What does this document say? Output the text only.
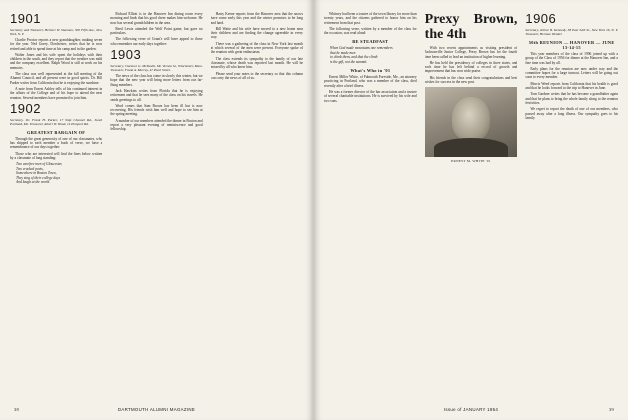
1901

Secretary and Treasurer, Herbert W. Shannon, 500 Fifth Ave., New York, N. Y.

Charlie Proctor reports a new granddaughter, making seven for the year. Ned Gorey, Dorchester, writes that he is now retired and able to spend time at his camp and in the garden.

Walter Jones and his wife spent the holidays with their children in the south, and they report that the weather was mild and the company excellent. Ralph Wood is still at work on his memoirs.

The class was well represented at the fall meeting of the Alumni Council, and all present were in good spirits. Dr. Bill Parker writes from California that he is enjoying the sunshine.

A note from Ernest Ashley tells of his continued interest in the affairs of the College and of his hope to attend the next reunion. Several members have promised to join him.

1902

Secretary, Dr. Frank H. Parker, 17 Ship Channel Rd., South Portland, Me. Treasurer, Albert W. Wood, 14 Prospect Rd.

GREATEST BARGAIN OF

Through the great generosity of one of our classmates, who has shipped to each member a book of verse, we have a remembrance of our days together.

Those who are interested will find the lines below written by a classmate of long standing:

Two carefree men of Gloucester,
Two cracked poets,
Somewhere in Boston Town,
They sing of their college days
And laugh at the world.

Richard Elliott is in the Hanover Inn dining room every morning and finds that his good cheer makes him welcome. He now has several grandchildren in the area.

Reed Lewis attended the Wolf Point game, but gave no particulars.

The following verse of Grant's will have appeal to those who remember our early days together:

1903

Secretary, Clarence G. McDavitt, Mt. Vernon St., Winchester, Mass. Treasurer, Frank A. Murray, 47 Pearl Street.

The news of the class has come in slowly this winter, but we hope that the new year will bring more letters from our far-flung members.

Jack Hawkins writes from Florida that he is enjoying retirement and that he sees many of the class on his travels. He sends greetings to all.

Word comes that Sam Brown has been ill but is now recovering. His friends wish him well and hope to see him at the spring meeting.

A number of our members attended the dinner in Boston and report a very pleasant evening of reminiscence and good fellowship.

Harry Keene reports from the Hanover area that the snows have come early this year and the winter promises to be long and hard.

Bill Waite and his wife have moved to a new home near their children and are finding the change agreeable in every way.

There was a gathering of the class in New York last month at which several of the men were present. Everyone spoke of the reunion with great enthusiasm.

The class extends its sympathy to the family of our late classmate, whose death was reported last month. He will be missed by all who knew him.

Please send your notes to the secretary so that this column can carry the news of all of us.

38	DARTMOUTH ALUMNI MAGAZINE

Whitney had been a trustee of the town library for more than twenty years, and the citizens gathered to honor him on his retirement from that post.

The following verse, written by a member of the class for the occasion, was read aloud:

BE STEADFAST
When God made mountains one remembers
that he made men
to climb them, and that the climb
is the gift, not the summit.
What's Who in '01

Ernest Miller White, of Falmouth Foreside, Me., an attorney practicing in Portland, who was a member of the class, died recently after a brief illness.

He was a former director of the bar association and a trustee of several charitable institutions. He is survived by his wife and two sons.

Prexy Brown, the 4th

With two recent appointments as visiting president of Jacksonville Junior College, Prexy Brown has for the fourth time been called to lead an institution of higher learning.

He has held the presidency of colleges in three states, and each time he has left behind a record of growth and improvement that has won wide praise.

His friends in the class send their congratulations and best wishes for success in the new post.

ERNEST M. WHITE '01
1906

Secretary, Arthur B. Kennedy, 38 East 34th St., New York 16, N. Y. Treasurer, Herman Wendel

50th REUNION — HANOVER — JUNE 13-14-15

This year members of the class of 1906 joined up with a group of the Class of 1956 for dinner at the Hanover Inn, and a fine time was had by all.

Early plans for the reunion are now under way and the committee hopes for a large turnout. Letters will be going out soon to every member.

Morris Weed reports from California that his health is good and that he looks forward to the trip to Hanover in June.

Tom Gardner writes that he has become a grandfather again and that he plans to bring the whole family along to the reunion festivities.

We regret to report the death of one of our members, who passed away after a long illness. Our sympathy goes to his family.

Issue of JANUARY 1954	39
